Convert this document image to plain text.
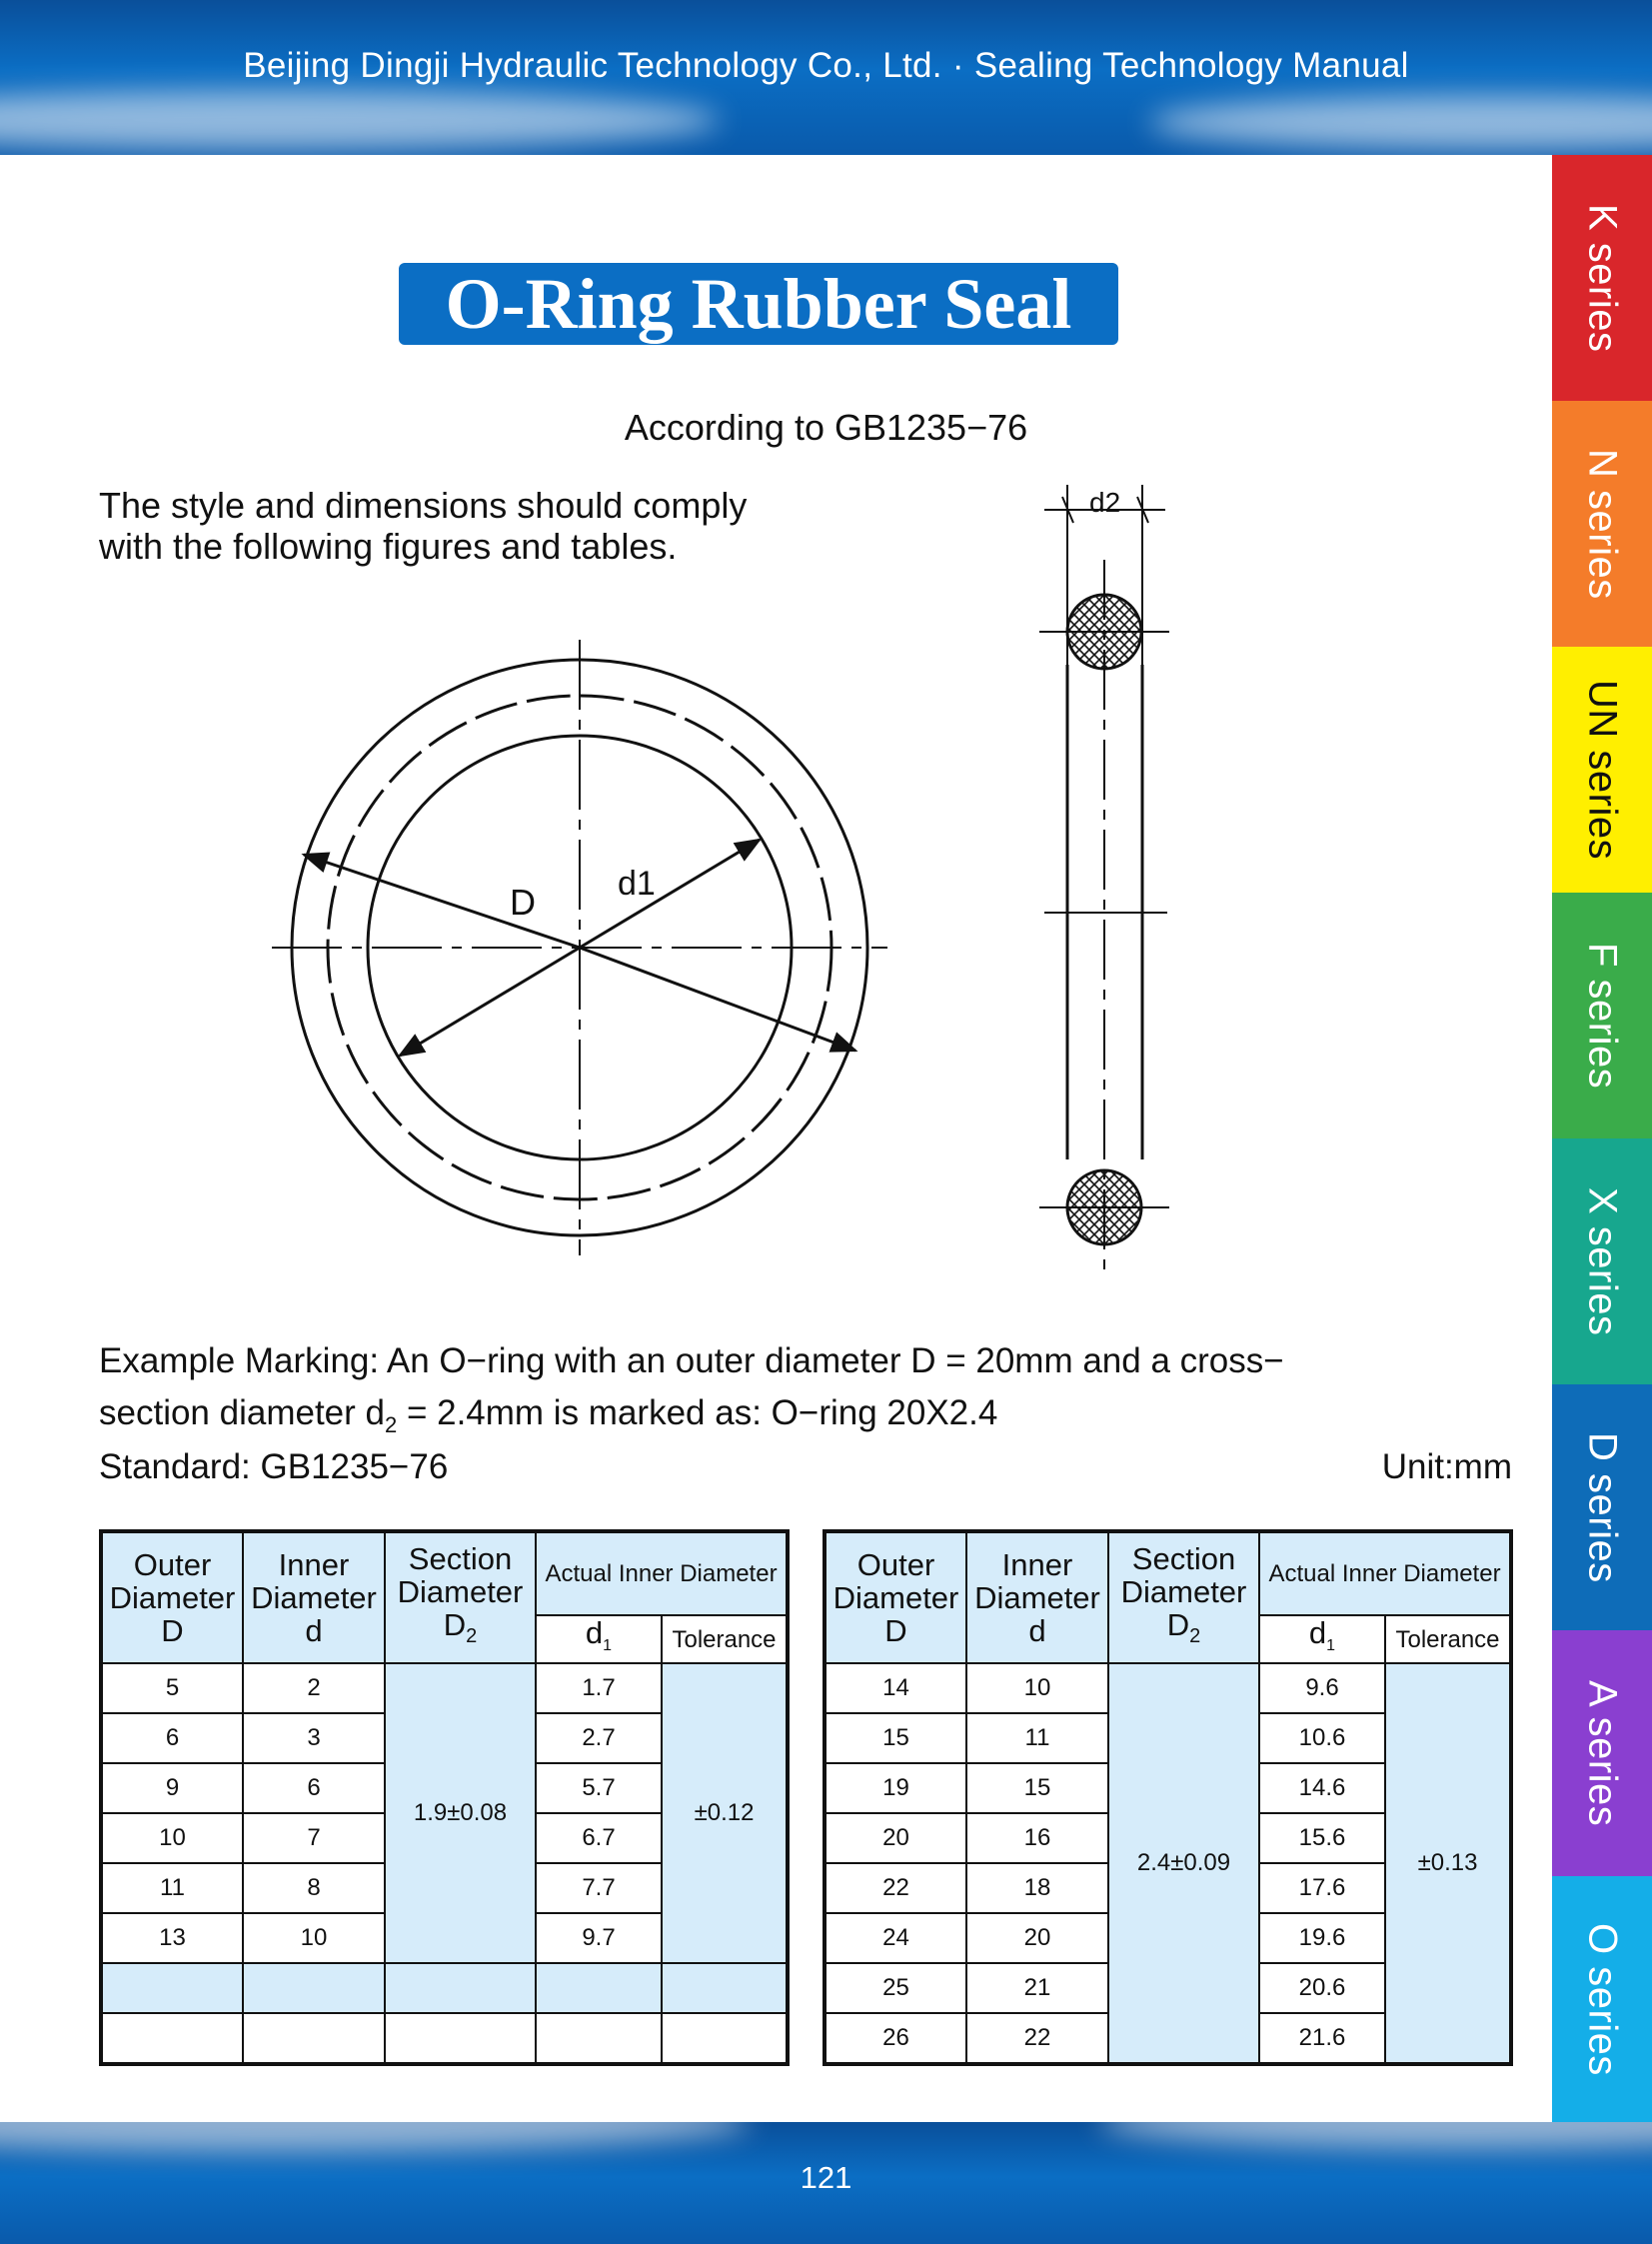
Beijing Dingji Hydraulic Technology Co., Ltd. · Sealing Technology Manual
K series
N series
UN series
F series
X series
D series
A series
O series
O-Ring Rubber Seal
According to GB1235−76
The style and dimensions should comply
with the following figures and tables.
D d1
d2
Example Marking: An O−ring with an outer diameter D = 20mm and a cross−
section diameter $d_2 = 2.4mm$ is marked as: O−ring 20X2.4
Standard: GB1235−76	Unit:mm
Outer Diameter D	Inner Diameter d	Section Diameter $D_2$	Actual Inner Diameter	
			$d_1$	Tolerance
5	2	1.9±0.08	1.7	±0.12
6	3		2.7	
9	6		5.7	
10	7		6.7	
11	8		7.7	
13	10		9.7	

Outer Diameter D	Inner Diameter d	Section Diameter $D_2$	Actual Inner Diameter	
			$d_1$	Tolerance
14	10	2.4±0.09	9.6	±0.13
15	11		10.6	
19	15		14.6	
20	16		15.6	
22	18		17.6	
24	20		19.6	
25	21		20.6	
26	22		21.6	
121
